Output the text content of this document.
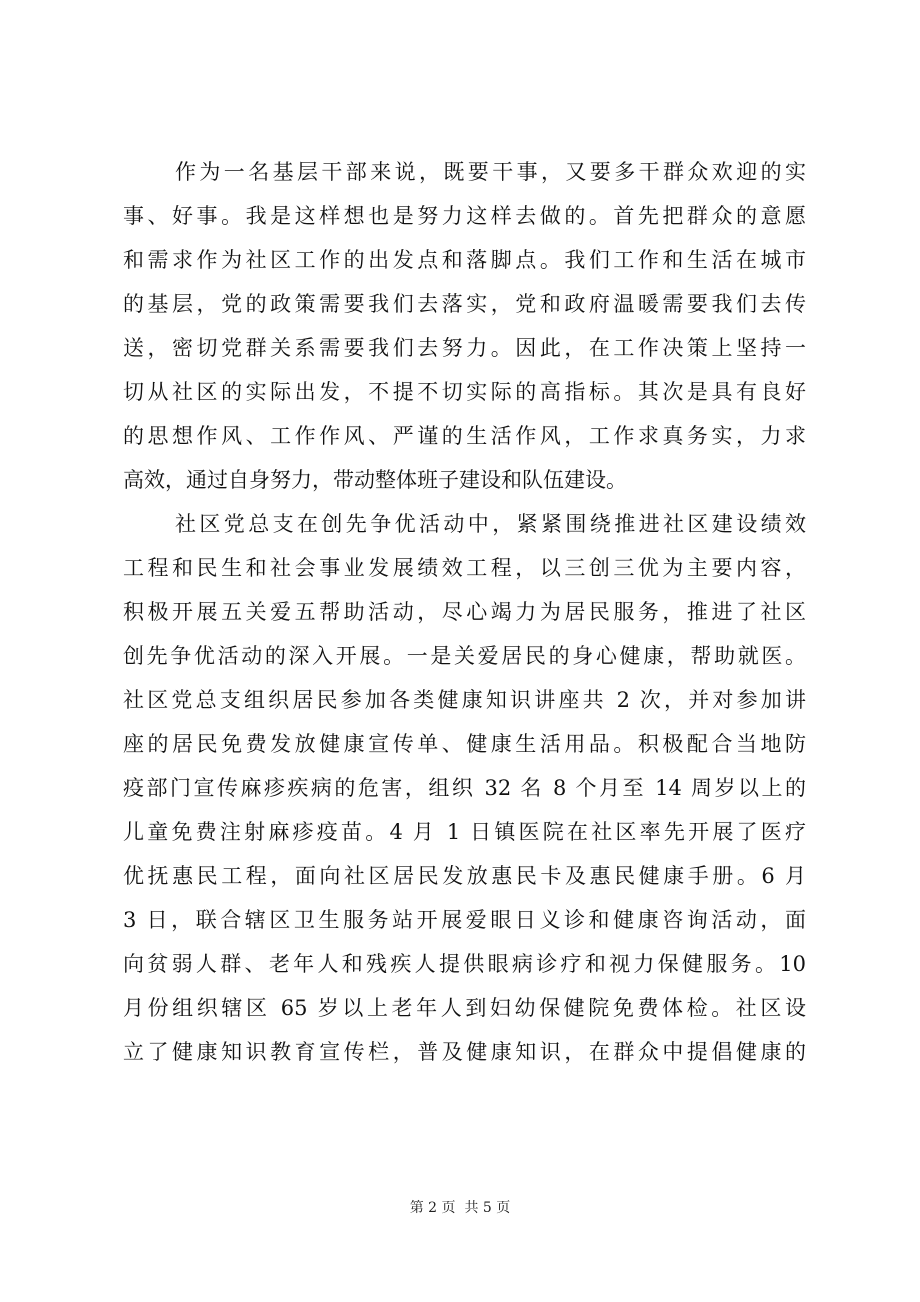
作为一名基层干部来说，既要干事，又要多干群众欢迎的实
事、好事。我是这样想也是努力这样去做的。首先把群众的意愿
和需求作为社区工作的出发点和落脚点。我们工作和生活在城市
的基层，党的政策需要我们去落实，党和政府温暖需要我们去传
送，密切党群关系需要我们去努力。因此，在工作决策上坚持一
切从社区的实际出发，不提不切实际的高指标。其次是具有良好
的思想作风、工作作风、严谨的生活作风，工作求真务实，力求
高效，通过自身努力，带动整体班子建设和队伍建设。
社区党总支在创先争优活动中，紧紧围绕推进社区建设绩效
工程和民生和社会事业发展绩效工程，以三创三优为主要内容，
积极开展五关爱五帮助活动，尽心竭力为居民服务，推进了社区
创先争优活动的深入开展。一是关爱居民的身心健康，帮助就医。
社区党总支组织居民参加各类健康知识讲座共 2 次，并对参加讲
座的居民免费发放健康宣传单、健康生活用品。积极配合当地防
疫部门宣传麻疹疾病的危害，组织 32 名 8 个月至 14 周岁以上的
儿童免费注射麻疹疫苗。4 月 1 日镇医院在社区率先开展了医疗
优抚惠民工程，面向社区居民发放惠民卡及惠民健康手册。6 月
3 日，联合辖区卫生服务站开展爱眼日义诊和健康咨询活动，面
向贫弱人群、老年人和残疾人提供眼病诊疗和视力保健服务。10
月份组织辖区 65 岁以上老年人到妇幼保健院免费体检。社区设
立了健康知识教育宣传栏，普及健康知识，在群众中提倡健康的
第 2 页  共 5 页
